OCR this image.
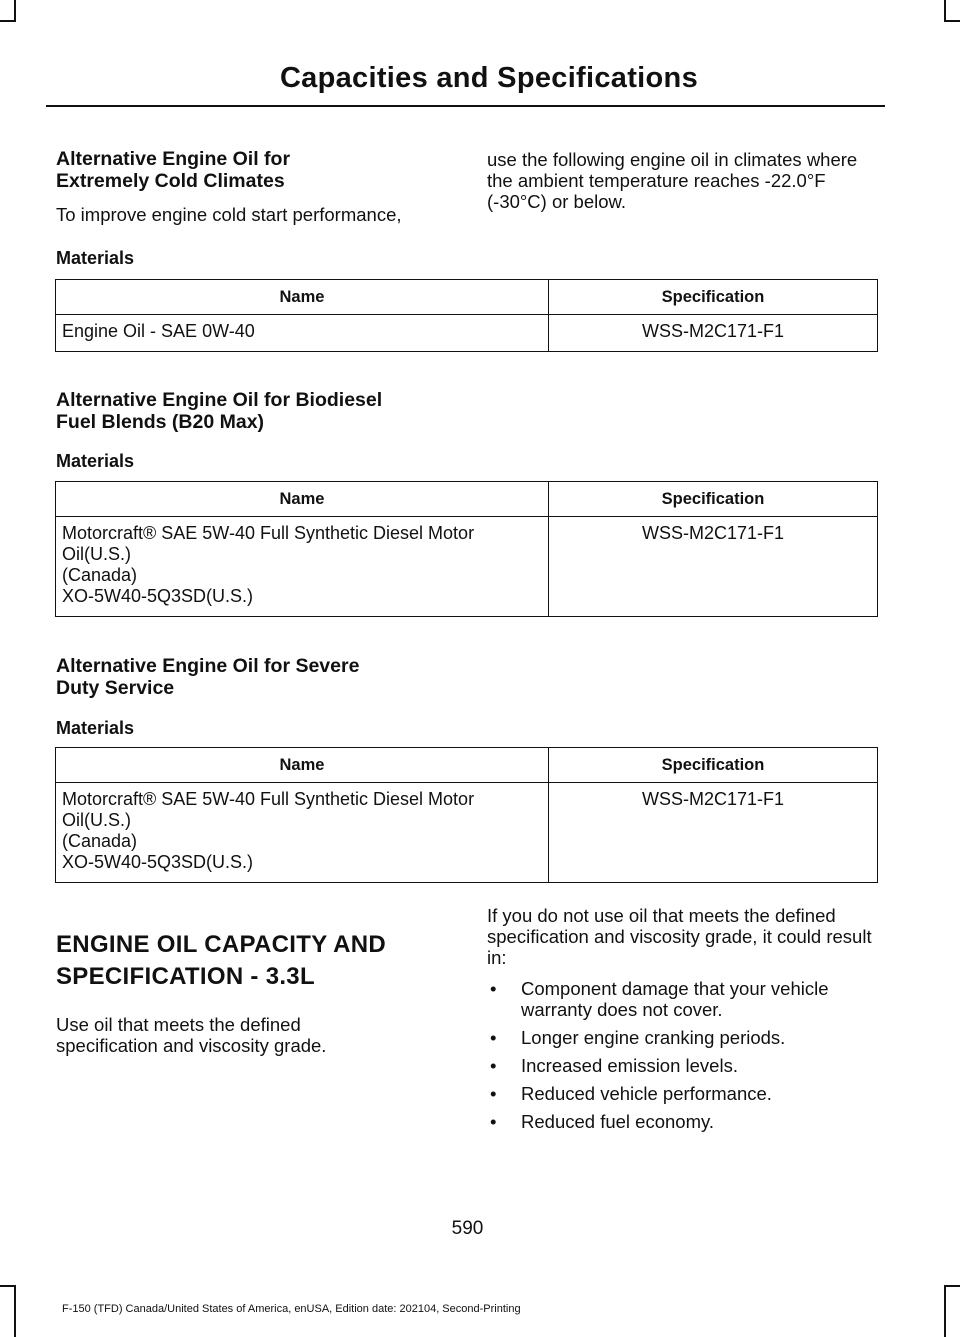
Capacities and Specifications
Alternative Engine Oil for
Extremely Cold Climates

To improve engine cold start performance,

use the following engine oil in climates where the ambient temperature reaches -22.0°F (-30°C) or below.

Materials
Name	Specification
Engine Oil - SAE 0W-40	WSS-M2C171-F1
Alternative Engine Oil for Biodiesel
Fuel Blends (B20 Max)
Materials
Name	Specification
Motorcraft® SAE 5W-40 Full Synthetic Diesel Motor
Oil(U.S.)
(Canada)
XO-5W40-5Q3SD(U.S.)	WSS-M2C171-F1
Alternative Engine Oil for Severe
Duty Service
Materials
Name	Specification
Motorcraft® SAE 5W-40 Full Synthetic Diesel Motor
Oil(U.S.)
(Canada)
XO-5W40-5Q3SD(U.S.)	WSS-M2C171-F1
ENGINE OIL CAPACITY AND
SPECIFICATION - 3.3L

Use oil that meets the defined specification and viscosity grade.

If you do not use oil that meets the defined specification and viscosity grade, it could result in:

• Component damage that your vehicle warranty does not cover.
• Longer engine cranking periods.
• Increased emission levels.
• Reduced vehicle performance.
• Reduced fuel economy.
590
F-150 (TFD) Canada/United States of America, enUSA, Edition date: 202104, Second-Printing
